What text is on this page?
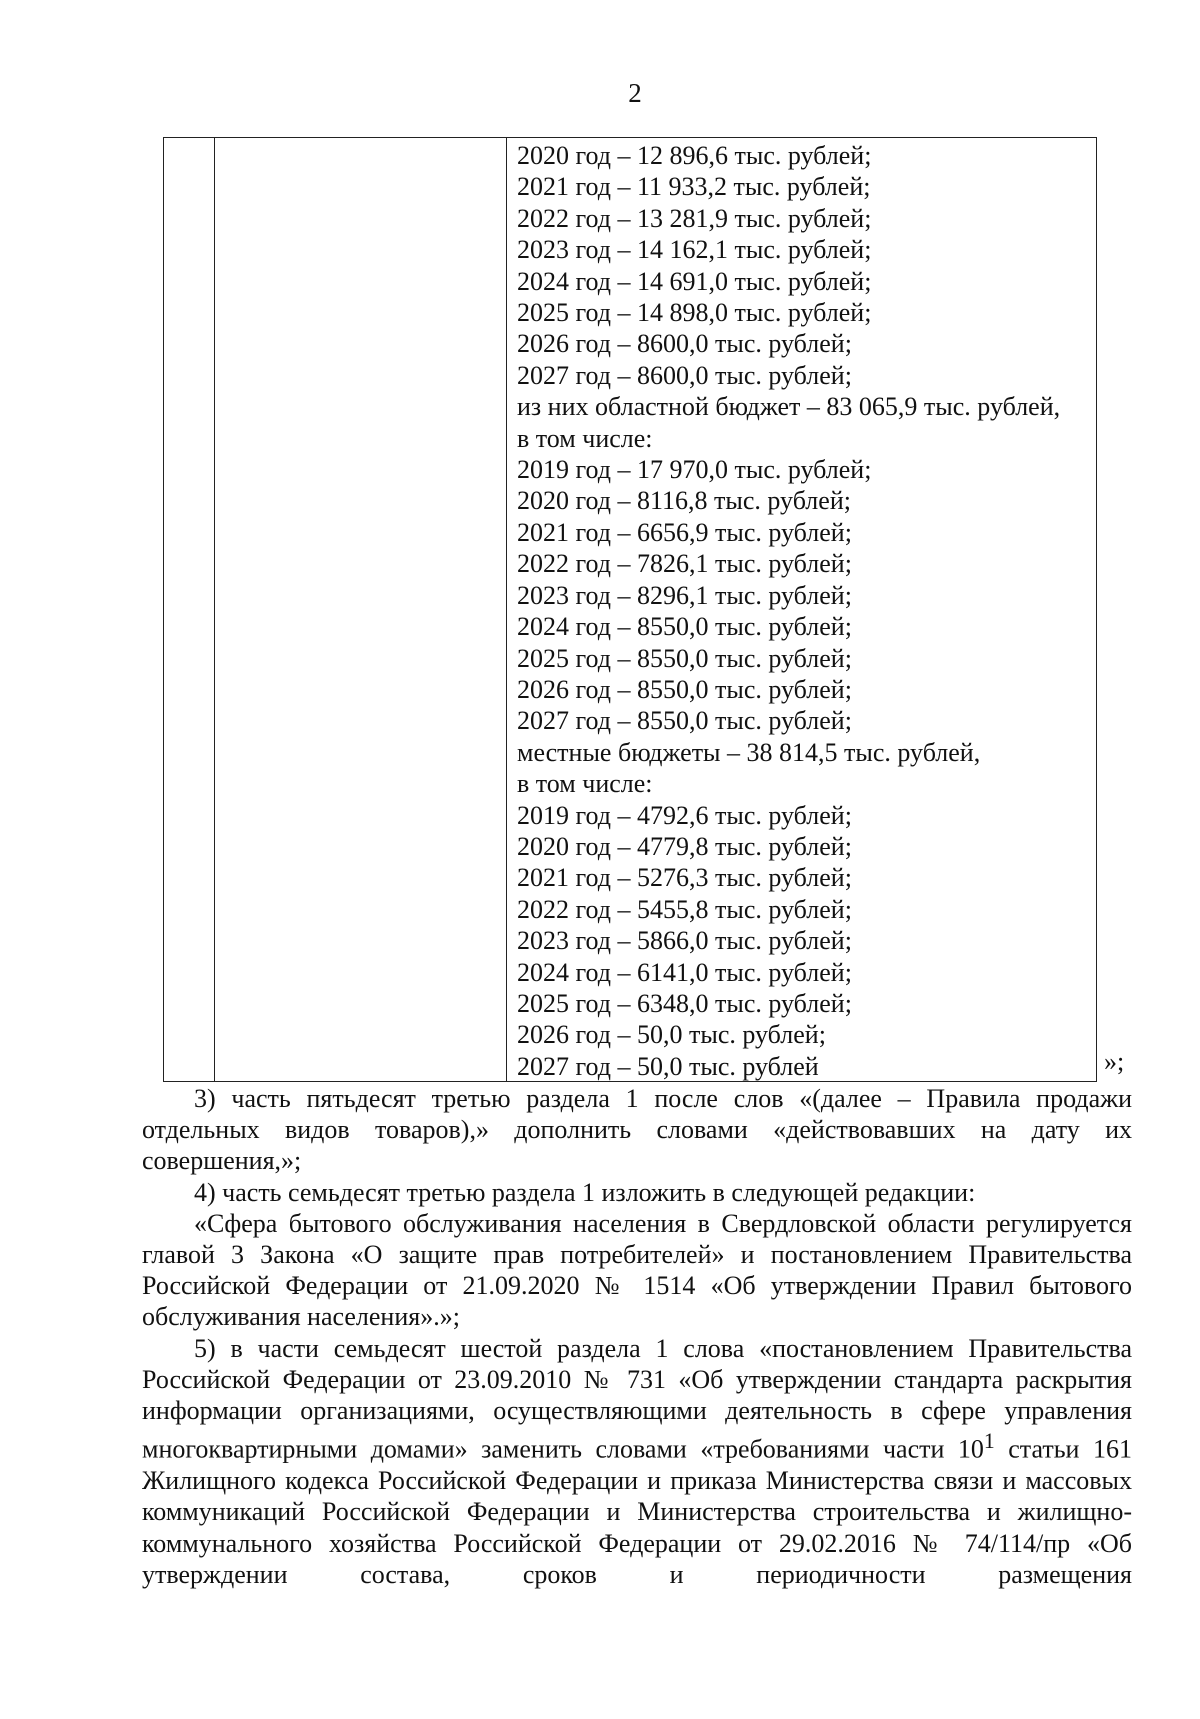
2
2020 год – 12 896,6 тыс. рублей;
2021 год – 11 933,2 тыс. рублей;
2022 год – 13 281,9 тыс. рублей;
2023 год – 14 162,1 тыс. рублей;
2024 год – 14 691,0 тыс. рублей;
2025 год – 14 898,0 тыс. рублей;
2026 год – 8600,0 тыс. рублей;
2027 год – 8600,0 тыс. рублей;
из них областной бюджет – 83 065,9 тыс. рублей,
в том числе:
2019 год – 17 970,0 тыс. рублей;
2020 год – 8116,8 тыс. рублей;
2021 год – 6656,9 тыс. рублей;
2022 год – 7826,1 тыс. рублей;
2023 год – 8296,1 тыс. рублей;
2024 год – 8550,0 тыс. рублей;
2025 год – 8550,0 тыс. рублей;
2026 год – 8550,0 тыс. рублей;
2027 год – 8550,0 тыс. рублей;
местные бюджеты – 38 814,5 тыс. рублей,
в том числе:
2019 год – 4792,6 тыс. рублей;
2020 год – 4779,8 тыс. рублей;
2021 год – 5276,3 тыс. рублей;
2022 год – 5455,8 тыс. рублей;
2023 год – 5866,0 тыс. рублей;
2024 год – 6141,0 тыс. рублей;
2025 год – 6348,0 тыс. рублей;
2026 год – 50,0 тыс. рублей;
2027 год – 50,0 тыс. рублей	»;

3) часть пятьдесят третью раздела 1 после слов «(далее – Правила продажи отдельных видов товаров),» дополнить словами «действовавших на дату их совершения,»;

4) часть семьдесят третью раздела 1 изложить в следующей редакции:

«Сфера бытового обслуживания населения в Свердловской области регулируется главой 3 Закона «О защите прав потребителей» и постановлением Правительства Российской Федерации от 21.09.2020 № 1514 «Об утверждении Правил бытового обслуживания населения».»;

5) в части семьдесят шестой раздела 1 слова «постановлением Правительства Российской Федерации от 23.09.2010 № 731 «Об утверждении стандарта раскрытия информации организациями, осуществляющими деятельность в сфере управления многоквартирными домами» заменить словами «требованиями части $10^1$ статьи 161 Жилищного кодекса Российской Федерации и приказа Министерства связи и массовых коммуникаций Российской Федерации и Министерства строительства и жилищно-коммунального хозяйства Российской Федерации от 29.02.2016 № 74/114/пр «Об утверждении состава, сроков и периодичности размещения
